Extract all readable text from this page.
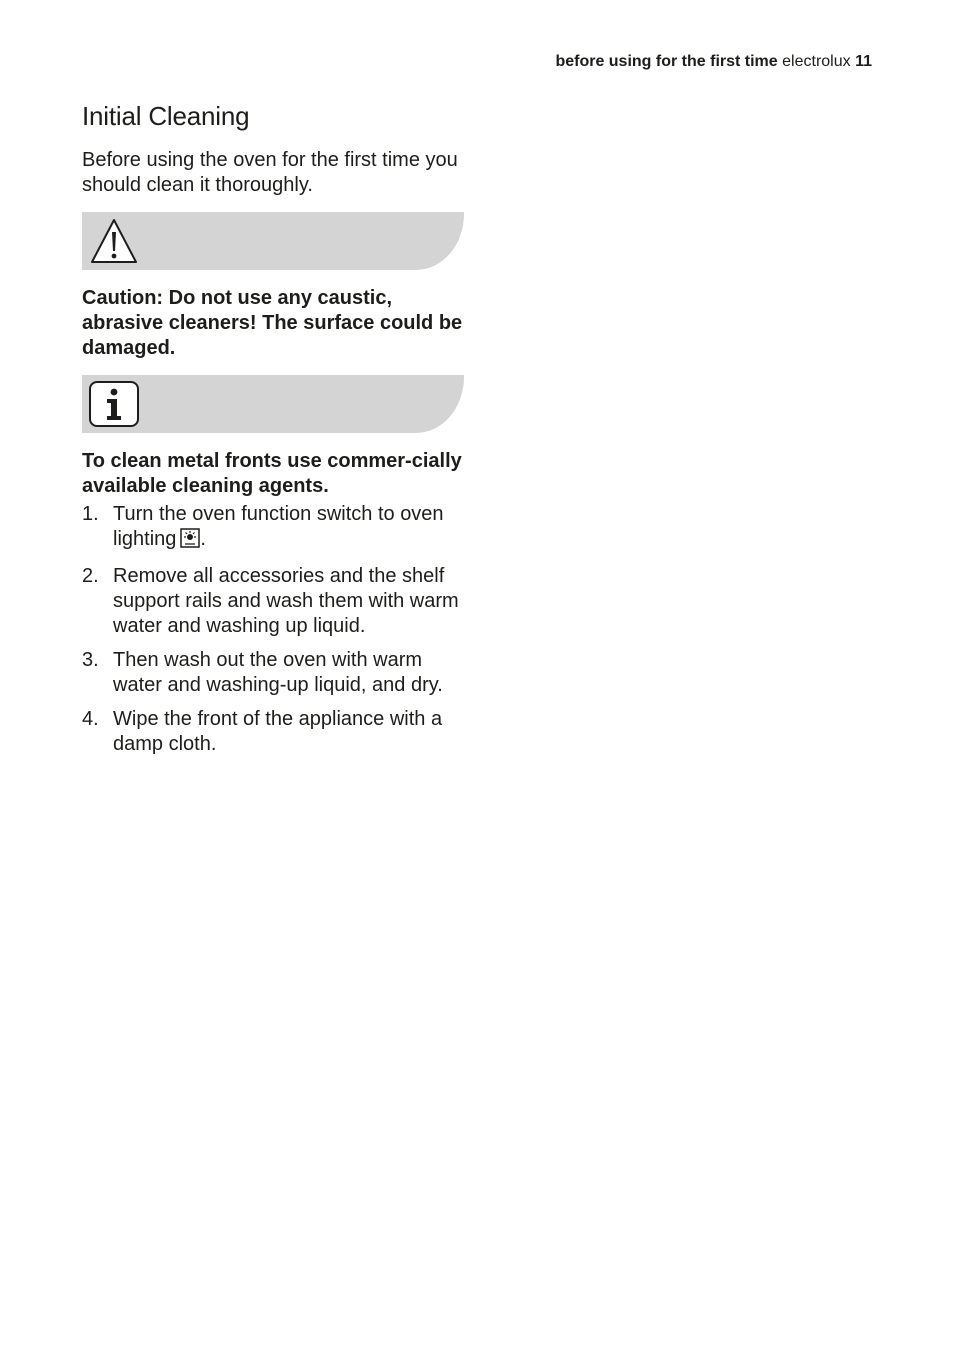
before using for the first time electrolux 11
Initial Cleaning

Before using the oven for the first time you should clean it thoroughly.

Caution: Do not use any caustic, abrasive cleaners! The surface could be damaged.

To clean metal fronts use commer-cially available cleaning agents.

1. Turn the oven function switch to oven lighting .
2. Remove all accessories and the shelf support rails and wash them with warm water and washing up liquid.
3. Then wash out the oven with warm water and washing-up liquid, and dry.
4. Wipe the front of the appliance with a damp cloth.
